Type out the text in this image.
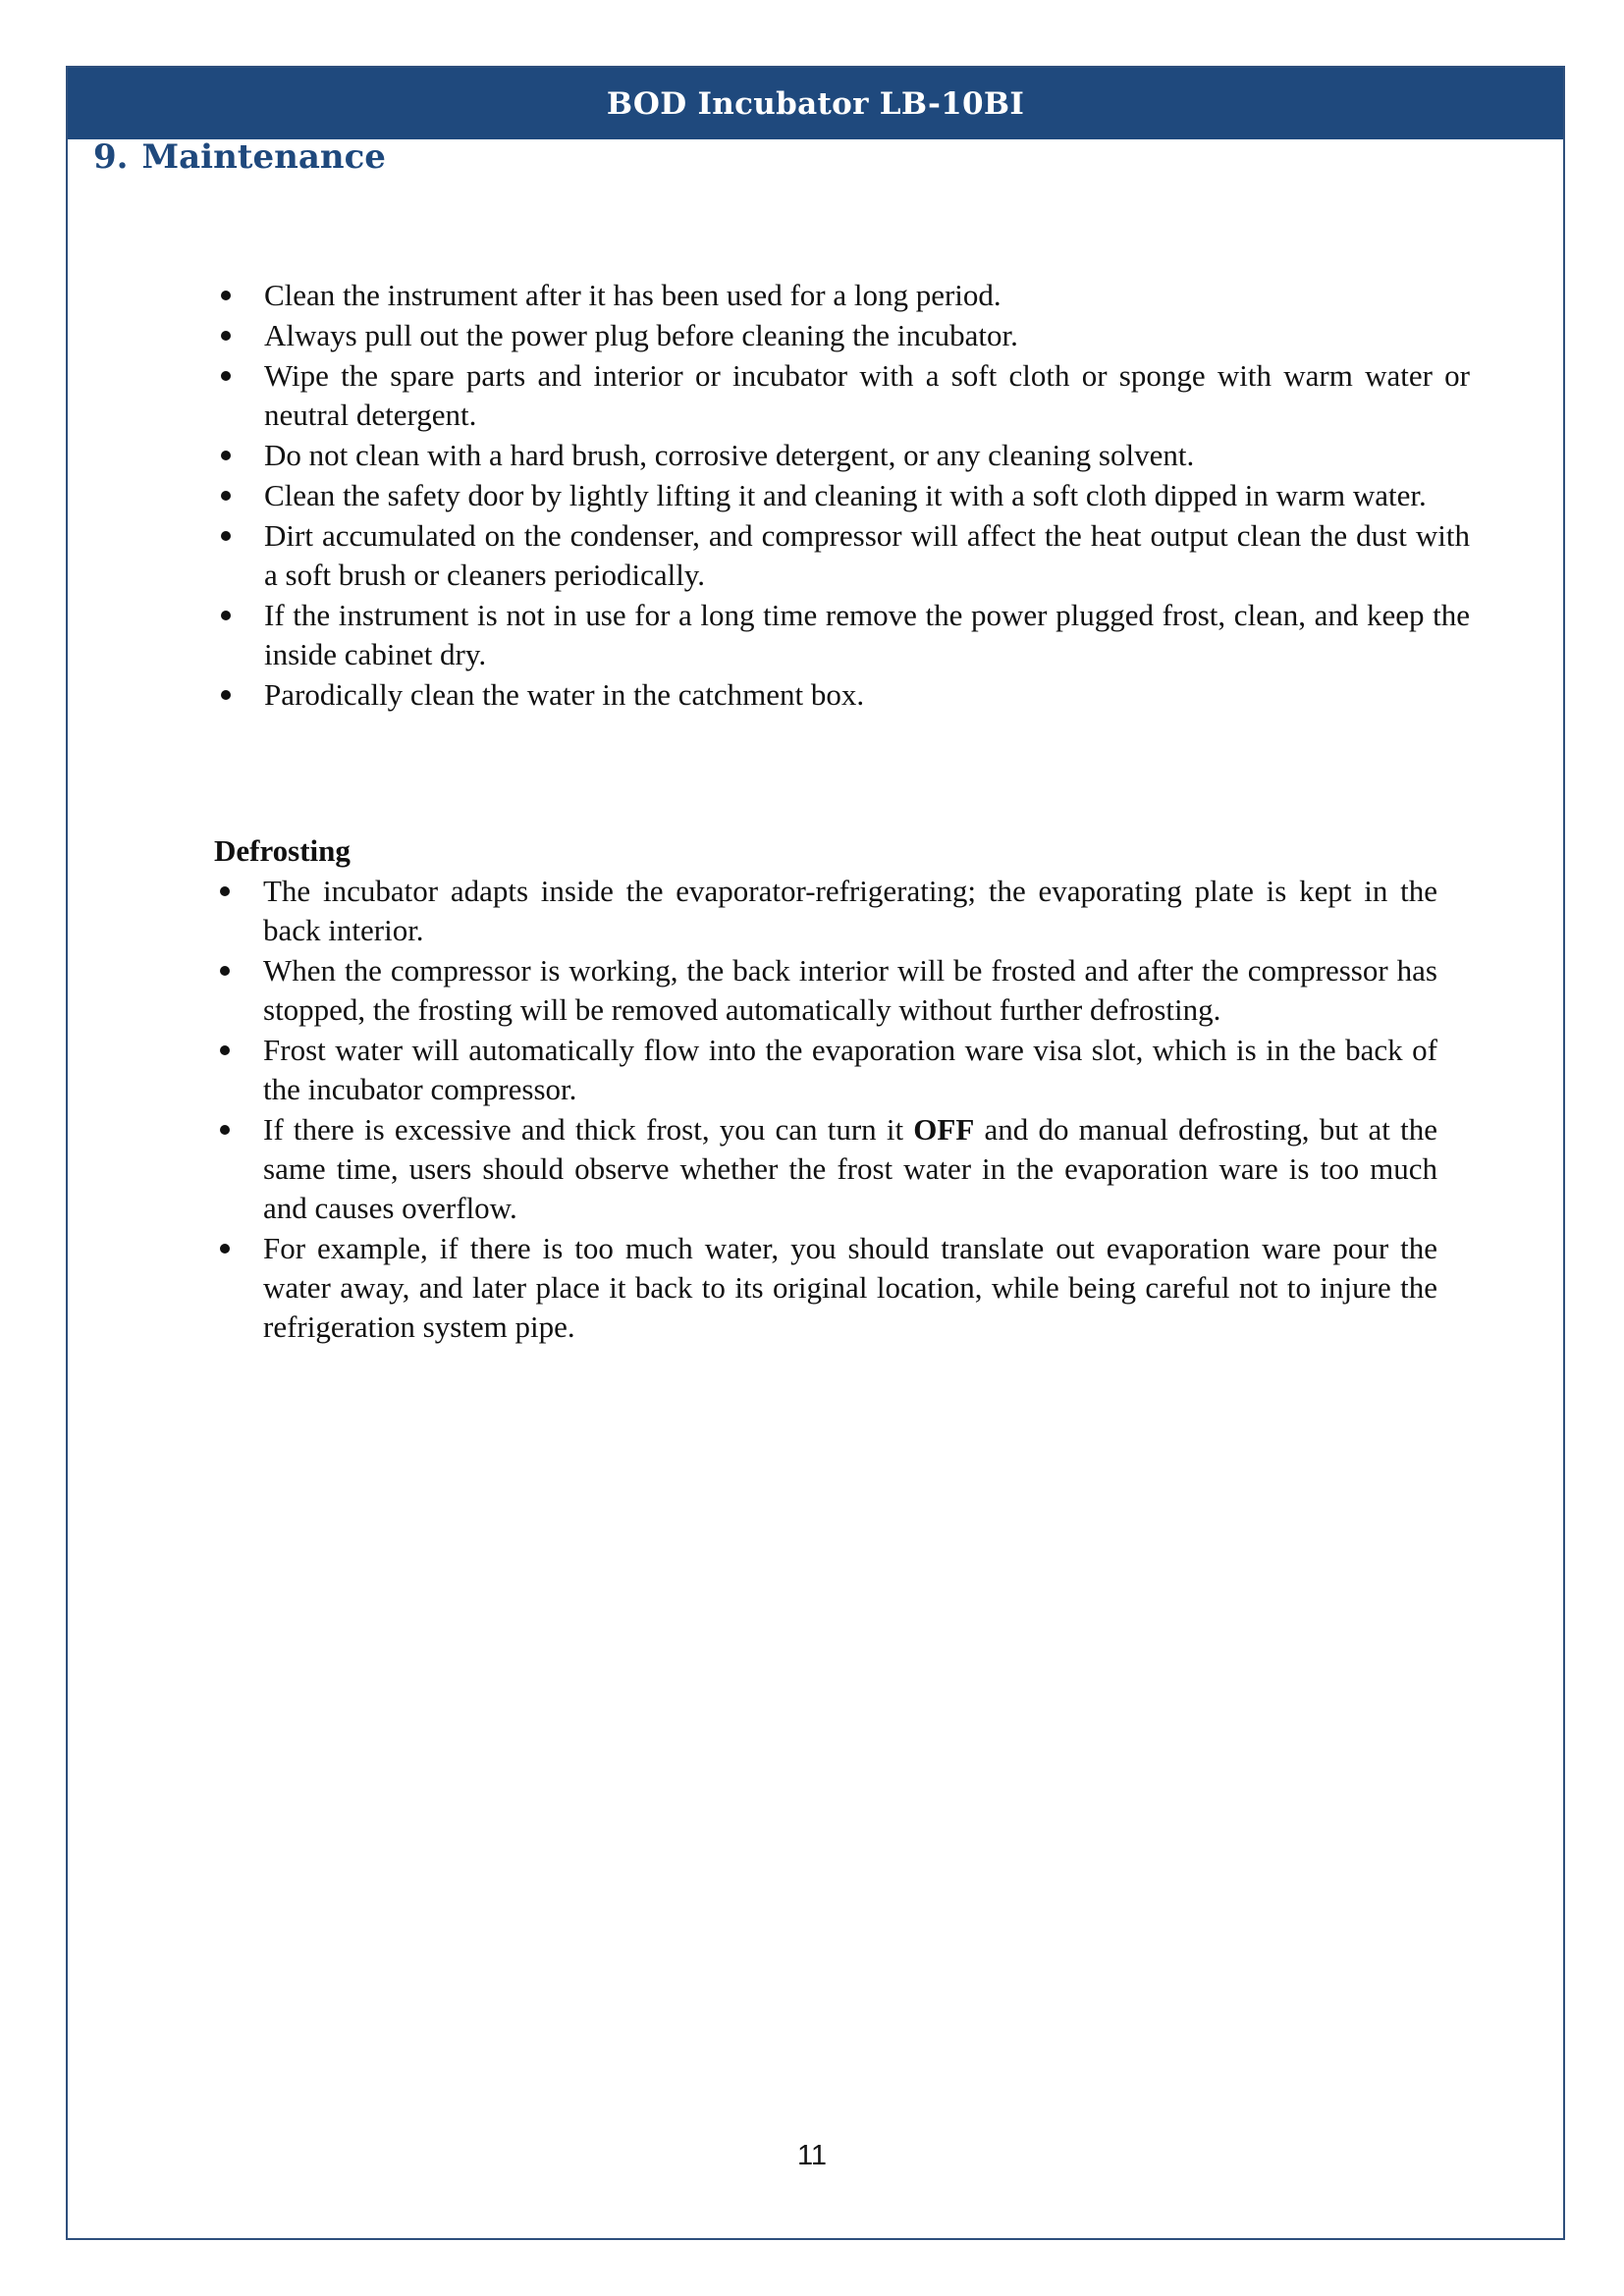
BOD Incubator LB-10BI
9. Maintenance
Clean the instrument after it has been used for a long period.
Always pull out the power plug before cleaning the incubator.
Wipe the spare parts and interior or incubator with a soft cloth or sponge with warm water or neutral detergent.
Do not clean with a hard brush, corrosive detergent, or any cleaning solvent.
Clean the safety door by lightly lifting it and cleaning it with a soft cloth dipped in warm water.
Dirt accumulated on the condenser, and compressor will affect the heat output clean the dust with a soft brush or cleaners periodically.
If the instrument is not in use for a long time remove the power plugged frost, clean, and keep the inside cabinet dry.
Parodically clean the water in the catchment box.
Defrosting
The incubator adapts inside the evaporator-refrigerating; the evaporating plate is kept in the back interior.
When the compressor is working, the back interior will be frosted and after the compressor has stopped, the frosting will be removed automatically without further defrosting.
Frost water will automatically flow into the evaporation ware visa slot, which is in the back of the incubator compressor.
If there is excessive and thick frost, you can turn it OFF and do manual defrosting, but at the same time, users should observe whether the frost water in the evaporation ware is too much and causes overflow.
For example, if there is too much water, you should translate out evaporation ware pour the water away, and later place it back to its original location, while being careful not to injure the refrigeration system pipe.
11
